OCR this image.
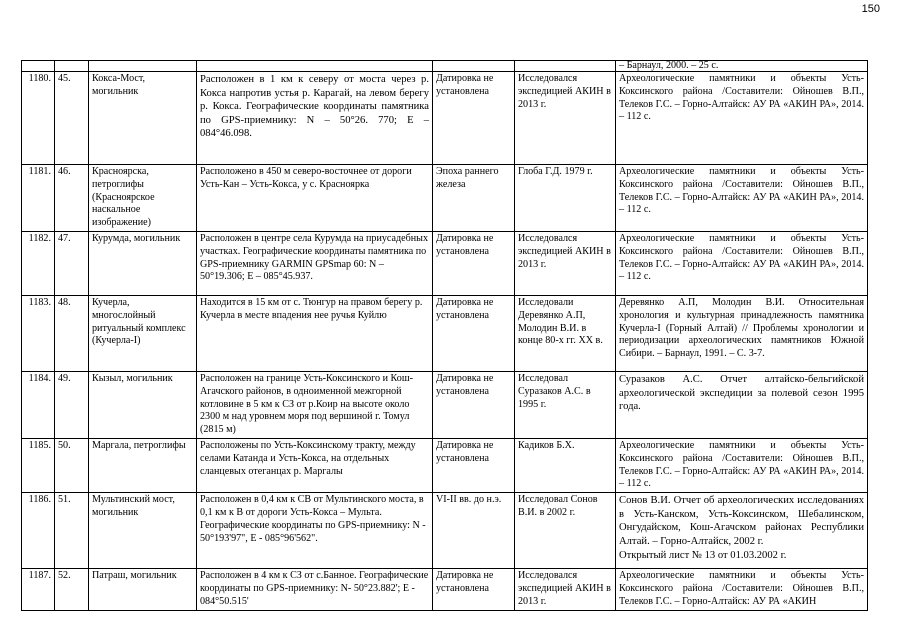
150

						– Барнаул, 2000. – 25 с.

1180.	45.	Кокса-Мост, могильник	Расположен в 1 км к северу от моста через р. Кокса напротив устья р. Карагай, на левом берегу р. Кокса. Географические координаты памятника по GPS-приемнику: N – 50°26. 770; E – 084°46.098.	Датировка не установлена	Исследовался экспедицией АКИН в 2013 г.	Археологические памятники и объекты Усть-Коксинского района /Составители: Ойношев В.П., Телеков Г.С. – Горно-Алтайск: АУ РА «АКИН РА», 2014. – 112 с.
1181.	46.	Красноярска, петроглифы (Красноярское наскальное изображение)	Расположено в 450 м северо-восточнее от дороги Усть-Кан – Усть-Кокса, у с. Красноярка	Эпоха раннего железа	Глоба Г.Д. 1979 г.	Археологические памятники и объекты Усть-Коксинского района /Составители: Ойношев В.П., Телеков Г.С. – Горно-Алтайск: АУ РА «АКИН РА», 2014. – 112 с.
1182.	47.	Курумда, могильник	Расположен в центре села Курумда на приусадебных участках. Географические координаты памятника по GPS-приемнику GARMIN GPSmap 60: N – 50°19.306; E – 085°45.937.	Датировка не установлена	Исследовался экспедицией АКИН в 2013 г.	Археологические памятники и объекты Усть-Коксинского района /Составители: Ойношев В.П., Телеков Г.С. – Горно-Алтайск: АУ РА «АКИН РА», 2014. – 112 с.
1183.	48.	Кучерла, многослойный ритуальный комплекс (Кучерла-I)	Находится в 15 км от с. Тюнгур на правом берегу р. Кучерла в месте впадения нее ручья Куйлю	Датировка не установлена	Исследовали Деревянко А.П, Молодин В.И. в конце 80-х гг. XX в.	Деревянко А.П, Молодин В.И. Относительная хронология и культурная принадлежность памятника Кучерла-I (Горный Алтай) // Проблемы хронологии и периодизации археологических памятников Южной Сибири. – Барнаул, 1991. – С. 3-7.
1184.	49.	Кызыл, могильник	Расположен на границе Усть-Коксинского и Кош-Агачского районов, в одноименной межгорной котловине в 5 км к СЗ от р.Коир на высоте около 2300 м над уровнем моря под вершиной г. Томул (2815 м)	Датировка не установлена	Исследовал Суразаков А.С. в 1995 г.	Суразаков А.С. Отчет алтайско-бельгийской археологической экспедиции за полевой сезон 1995 года.
1185.	50.	Маргала, петроглифы	Расположены по Усть-Коксинскому тракту, между селами Катанда и Усть-Кокса, на отдельных сланцевых отеганцах р. Маргалы	Датировка не установлена	Кадиков Б.Х.	Археологические памятники и объекты Усть-Коксинского района /Составители: Ойношев В.П., Телеков Г.С. – Горно-Алтайск: АУ РА «АКИН РА», 2014. – 112 с.
1186.	51.	Мультинский мост, могильник	Расположен в 0,4 км к СВ от Мультинского моста, в 0,1 км к В от дороги Усть-Кокса – Мульта. Географические координаты по GPS-приемнику: N - 50°193'97", E - 085°96'562".	VI-II вв. до н.э.	Исследовал Сонов В.И. в 2002 г.	Сонов В.И. Отчет об археологических исследованиях в Усть-Канском, Усть-Коксинском, Шебалинском, Онгудайском, Кош-Агачском районах Республики Алтай. – Горно-Алтайск, 2002 г.
Открытый лист № 13 от 01.03.2002 г.
1187.	52.	Патраш, могильник	Расположен в 4 км к СЗ от с.Банное. Географические координаты по GPS-приемнику: N- 50°23.882'; E - 084°50.515'	Датировка не установлена	Исследовался экспедицией АКИН в 2013 г.	Археологические памятники и объекты Усть-Коксинского района /Составители: Ойношев В.П., Телеков Г.С. – Горно-Алтайск: АУ РА «АКИН
